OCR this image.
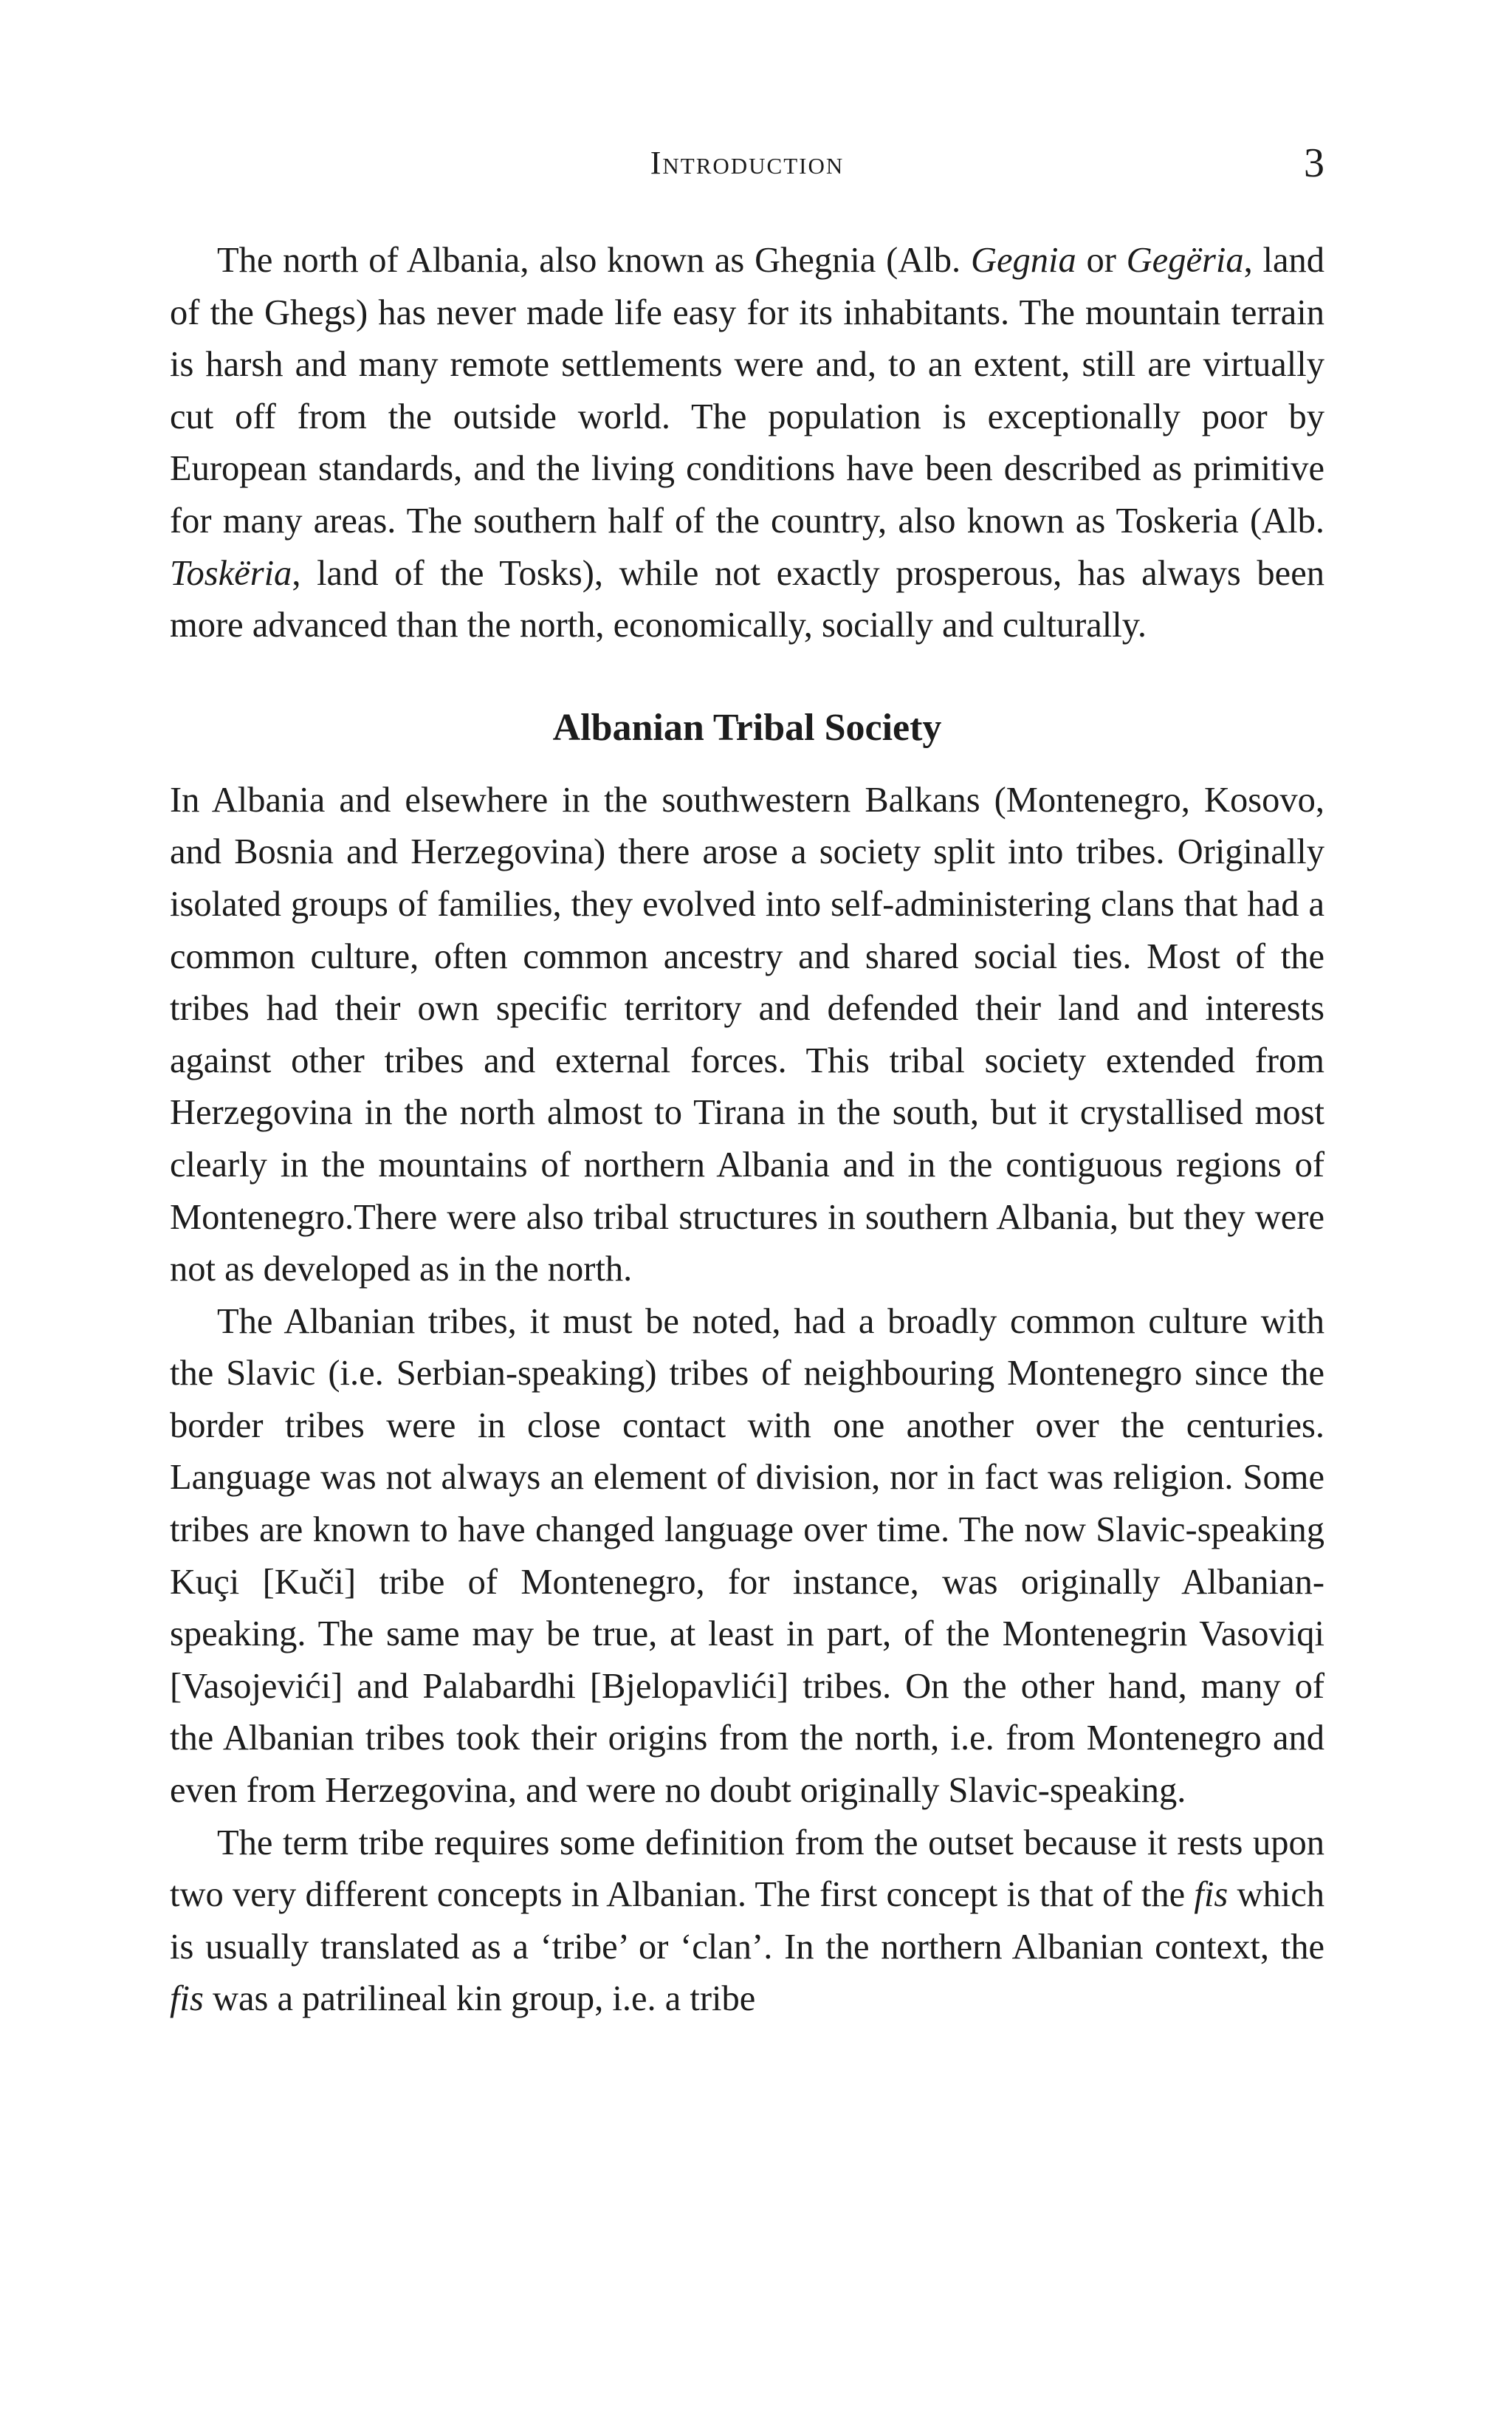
Introduction	3

The north of Albania, also known as Ghegnia (Alb. Gegnia or Gegëria, land of the Ghegs) has never made life easy for its inhabitants. The mountain terrain is harsh and many remote settlements were and, to an extent, still are virtually cut off from the outside world. The population is exceptionally poor by European standards, and the living conditions have been described as primitive for many areas. The southern half of the country, also known as Toskeria (Alb. Toskëria, land of the Tosks), while not exactly prosperous, has always been more advanced than the north, economically, socially and culturally.

Albanian Tribal Society

In Albania and elsewhere in the southwestern Balkans (Montenegro, Kosovo, and Bosnia and Herzegovina) there arose a society split into tribes. Originally isolated groups of families, they evolved into self-administering clans that had a common culture, often common ancestry and shared social ties. Most of the tribes had their own specific territory and defended their land and interests against other tribes and external forces. This tribal society extended from Herzegovina in the north almost to Tirana in the south, but it crystallised most clearly in the mountains of northern Albania and in the contiguous regions of Montenegro.There were also tribal structures in southern Albania, but they were not as developed as in the north.

The Albanian tribes, it must be noted, had a broadly common culture with the Slavic (i.e. Serbian-speaking) tribes of neighbouring Montenegro since the border tribes were in close contact with one another over the centuries. Language was not always an element of division, nor in fact was religion. Some tribes are known to have changed language over time. The now Slavic-speaking Kuçi [Kuči] tribe of Montenegro, for instance, was originally Albanian-speaking. The same may be true, at least in part, of the Montenegrin Vasoviqi [Vasojevići] and Palabardhi [Bjelopavlići] tribes. On the other hand, many of the Albanian tribes took their origins from the north, i.e. from Montenegro and even from Herzegovina, and were no doubt originally Slavic-speaking.

The term tribe requires some definition from the outset because it rests upon two very different concepts in Albanian. The first concept is that of the fis which is usually translated as a ‘tribe’ or ‘clan’. In the northern Albanian context, the fis was a patrilineal kin group, i.e. a tribe
